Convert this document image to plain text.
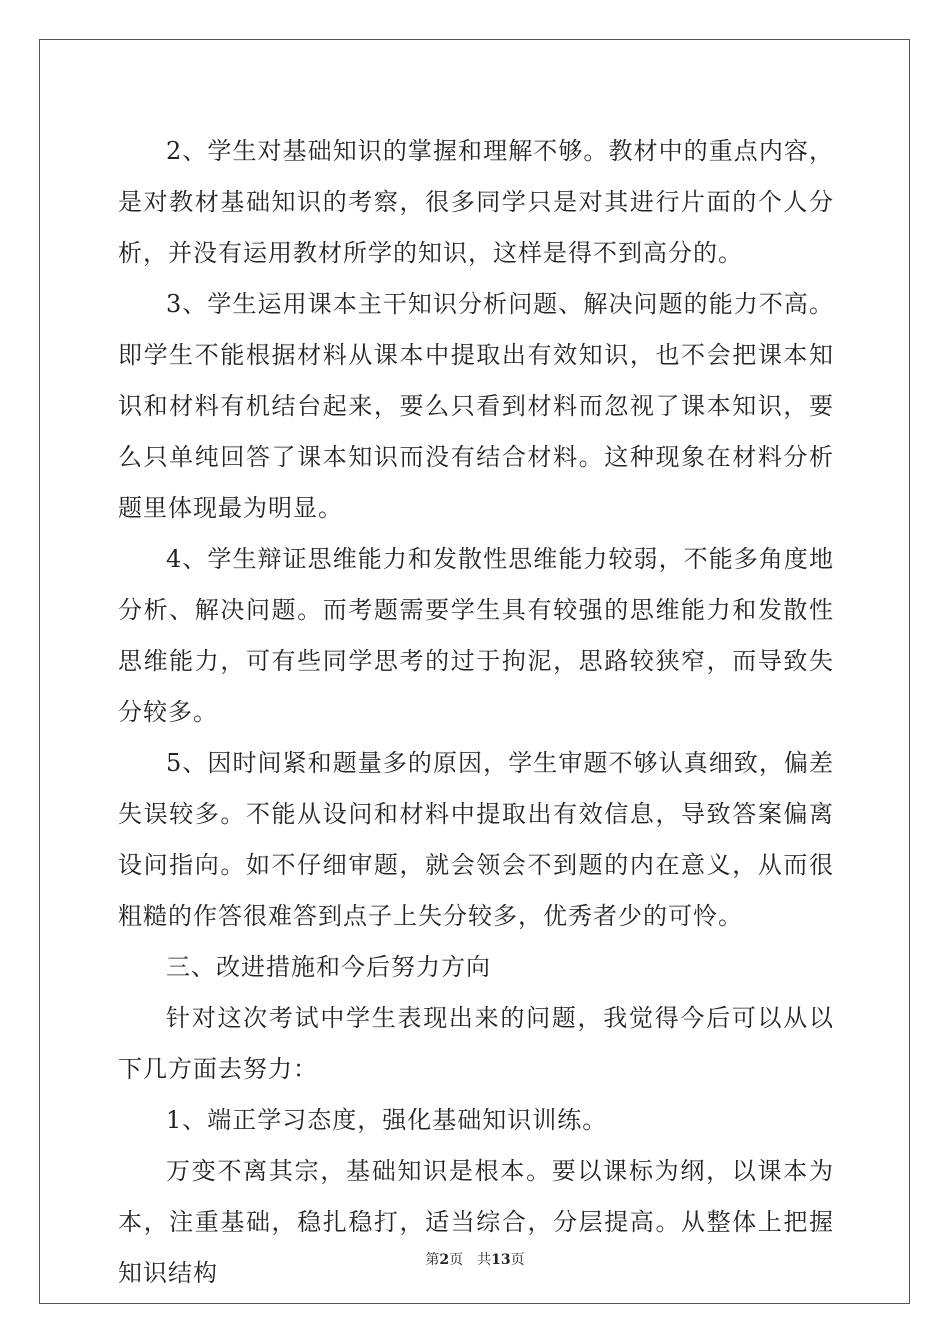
2、学生对基础知识的掌握和理解不够。教材中的重点内容，是对教材基础知识的考察，很多同学只是对其进行片面的个人分析，并没有运用教材所学的知识，这样是得不到高分的。

3、学生运用课本主干知识分析问题、解决问题的能力不高。即学生不能根据材料从课本中提取出有效知识，也不会把课本知识和材料有机结台起来，要么只看到材料而忽视了课本知识，要么只单纯回答了课本知识而没有结合材料。这种现象在材料分析题里体现最为明显。

4、学生辩证思维能力和发散性思维能力较弱，不能多角度地分析、解决问题。而考题需要学生具有较强的思维能力和发散性思维能力，可有些同学思考的过于拘泥，思路较狭窄，而导致失分较多。

5、因时间紧和题量多的原因，学生审题不够认真细致，偏差失误较多。不能从设问和材料中提取出有效信息，导致答案偏离设问指向。如不仔细审题，就会领会不到题的内在意义，从而很粗糙的作答很难答到点子上失分较多，优秀者少的可怜。

三、改进措施和今后努力方向

针对这次考试中学生表现出来的问题，我觉得今后可以从以下几方面去努力：

1、端正学习态度，强化基础知识训练。

万变不离其宗，基础知识是根本。要以课标为纲，以课本为本，注重基础，稳扎稳打，适当综合，分层提高。从整体上把握知识结构	第2页 共13页
